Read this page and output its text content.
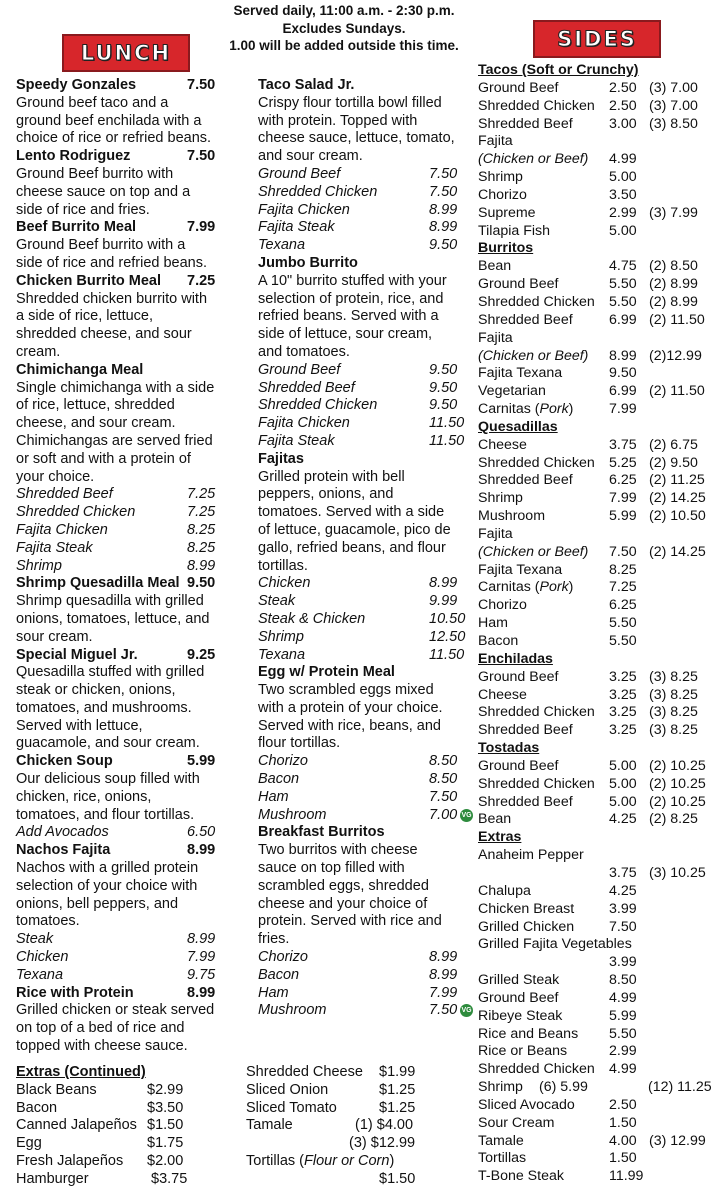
Served daily, 11:00 a.m. - 2:30 p.m.
Excludes Sundays.
1.00 will be added outside this time.
LUNCH
SIDES
Speedy Gonzales	7.50
Ground beef taco and a
ground beef enchilada with a
choice of rice or refried beans.
Lento Rodriguez	7.50
Ground Beef burrito with
cheese sauce on top and a
side of rice and fries.
Beef Burrito Meal	7.99
Ground Beef burrito with a
side of rice and refried beans.
Chicken Burrito Meal 7.25
Shredded chicken burrito with
a side of rice, lettuce,
shredded cheese, and sour
cream.
Chimichanga Meal
Single chimichanga with a side
of rice, lettuce, shredded
cheese, and sour cream.
Chimichangas are served fried
or soft and with a protein of
your choice.
Shredded Beef	7.25
Shredded Chicken	7.25
Fajita Chicken	8.25
Fajita Steak	8.25
Shrimp	8.99
Shrimp Quesadilla Meal 9.50
Shrimp quesadilla with grilled
onions, tomatoes, lettuce, and
sour cream.
Special Miguel Jr.	9.25
Quesadilla stuffed with grilled
steak or chicken, onions,
tomatoes, and mushrooms.
Served with lettuce,
guacamole, and sour cream.
Chicken Soup	5.99
Our delicious soup filled with
chicken, rice, onions,
tomatoes, and flour tortillas.
Add Avocados	6.50
Nachos Fajita	8.99
Nachos with a grilled protein
selection of your choice with
onions, bell peppers, and
tomatoes.
Steak	8.99
Chicken	7.99
Texana	9.75
Rice with Protein	8.99
Grilled chicken or steak served
on top of a bed of rice and
topped with cheese sauce.
Taco Salad Jr.
Crispy flour tortilla bowl filled
with protein. Topped with
cheese sauce, lettuce, tomato,
and sour cream.
Ground Beef	7.50
Shredded Chicken	7.50
Fajita Chicken	8.99
Fajita Steak	8.99
Texana	9.50
Jumbo Burrito
A 10" burrito stuffed with your
selection of protein, rice, and
refried beans. Served with a
side of lettuce, sour cream,
and tomatoes.
Ground Beef	9.50
Shredded Beef	9.50
Shredded Chicken	9.50
Fajita Chicken	11.50
Fajita Steak	11.50
Fajitas
Grilled protein with bell
peppers, onions, and
tomatoes. Served with a side
of lettuce, guacamole, pico de
gallo, refried beans, and flour
tortillas.
Chicken	8.99
Steak	9.99
Steak & Chicken	10.50
Shrimp	12.50
Texana	11.50
Egg w/ Protein Meal
Two scrambled eggs mixed
with a protein of your choice.
Served with rice, beans, and
flour tortillas.
Chorizo	8.50
Bacon	8.50
Ham	7.50
Mushroom	7.00 VG
Breakfast Burritos
Two burritos with cheese
sauce on top filled with
scrambled eggs, shredded
cheese and your choice of
protein. Served with rice and
fries.
Chorizo	8.99
Bacon	8.99
Ham	7.99
Mushroom	7.50 VG
Tacos (Soft or Crunchy)
Ground Beef	2.50 (3) 7.00
Shredded Chicken 2.50 (3) 7.00
Shredded Beef	3.00 (3) 8.50
Fajita
(Chicken or Beef) 4.99
Shrimp	5.00
Chorizo	3.50
Supreme	2.99 (3) 7.99
Tilapia Fish	5.00
Burritos
Bean	4.75 (2) 8.50
Ground Beef	5.50 (2) 8.99
Shredded Chicken 5.50 (2) 8.99
Shredded Beef	6.99 (2) 11.50
Fajita
(Chicken or Beef) 8.99 (2)12.99
Fajita Texana	9.50
Vegetarian	6.99 (2) 11.50
Carnitas (Pork)	7.99
Quesadillas
Cheese	3.75 (2) 6.75
Shredded Chicken 5.25 (2) 9.50
Shredded Beef	6.25 (2) 11.25
Shrimp	7.99 (2) 14.25
Mushroom	5.99 (2) 10.50
Fajita
(Chicken or Beef) 7.50 (2) 14.25
Fajita Texana	8.25
Carnitas (Pork)	7.25
Chorizo	6.25
Ham	5.50
Bacon	5.50
Enchiladas
Ground Beef	3.25 (3) 8.25
Cheese	3.25 (3) 8.25
Shredded Chicken 3.25 (3) 8.25
Shredded Beef	3.25 (3) 8.25
Tostadas
Ground Beef	5.00 (2) 10.25
Shredded Chicken 5.00 (2) 10.25
Shredded Beef	5.00 (2) 10.25
Bean	4.25 (2) 8.25
Extras
Anaheim Pepper
3.75 (3) 10.25
Chalupa	4.25
Chicken Breast 3.99
Grilled Chicken 7.50
Grilled Fajita Vegetables
3.99
Grilled Steak	8.50
Ground Beef	4.99
Ribeye Steak	5.99
Rice and Beans 5.50
Rice or Beans	2.99
Shredded Chicken 4.99
Shrimp (6) 5.99	(12) 11.25
Sliced Avocado 2.50
Sour Cream	1.50
Tamale	4.00 (3) 12.99
Tortillas	1.50
T-Bone Steak	11.99
Extras (Continued)
Black Beans	$2.99
Bacon	$3.50
Canned Jalapeños $1.50
Egg	$1.75
Fresh Jalapeños $2.00
Hamburger	$3.75
Shredded Cheese $1.99
Sliced Onion	$1.25
Sliced Tomato	$1.25
Tamale	(1) $4.00
(3) $12.99
Tortillas (Flour or Corn)
$1.50
